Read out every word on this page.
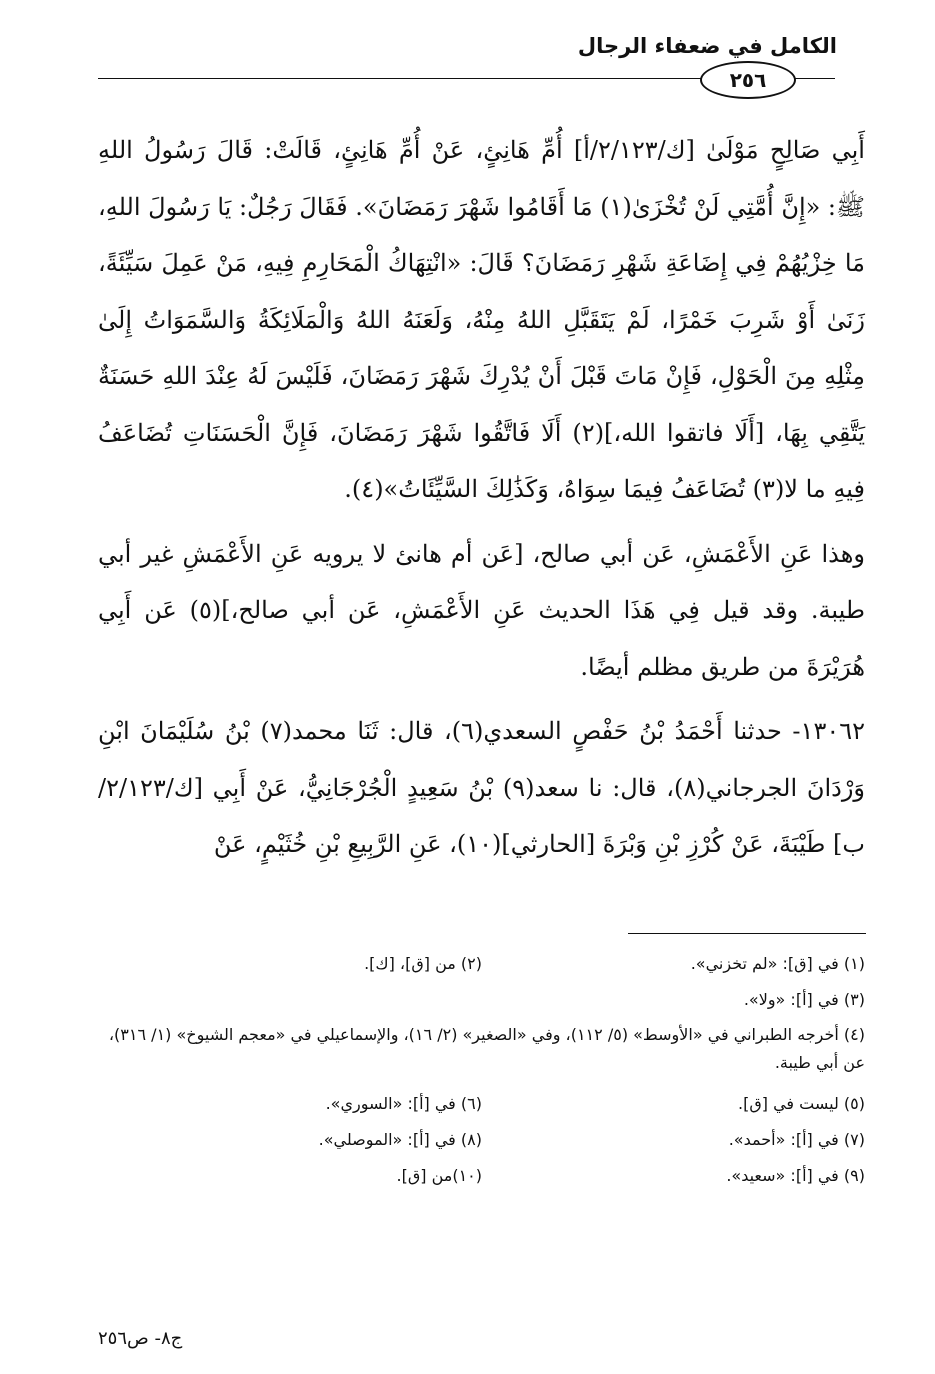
الكامل في ضعفاء الرجال
٢٥٦

أَبِي صَالِحٍ مَوْلَىٰ [ك/٢/١٢٣/أ] أُمِّ هَانِئٍ، عَنْ أُمِّ هَانِئٍ، قَالَتْ: قَالَ رَسُولُ اللهِ ﷺ: «إِنَّ أُمَّتِي لَنْ تُخْزَىٰ(١) مَا أَقَامُوا شَهْرَ رَمَضَانَ». فَقَالَ رَجُلٌ: يَا رَسُولَ اللهِ، مَا خِزْيُهُمْ فِي إِضَاعَةِ شَهْرِ رَمَضَانَ؟ قَالَ: «انْتِهَاكُ الْمَحَارِمِ فِيهِ، مَنْ عَمِلَ سَيِّئَةً، زَنَىٰ أَوْ شَرِبَ خَمْرًا، لَمْ يَتَقَبَّلِ اللهُ مِنْهُ، وَلَعَنَهُ اللهُ وَالْمَلَائِكَةُ وَالسَّمَوَاتُ إِلَىٰ مِثْلِهِ مِنَ الْحَوْلِ، فَإِنْ مَاتَ قَبْلَ أَنْ يُدْرِكَ شَهْرَ رَمَضَانَ، فَلَيْسَ لَهُ عِنْدَ اللهِ حَسَنَةٌ يَتَّقِي بِهَا، [أَلَا فاتقوا الله،](٢) أَلَا فَاتَّقُوا شَهْرَ رَمَضَانَ، فَإِنَّ الْحَسَنَاتِ تُضَاعَفُ فِيهِ ما لا(٣) تُضَاعَفُ فِيمَا سِوَاهُ، وَكَذَٰلِكَ السَّيِّئَاتُ»(٤).

وهذا عَنِ الأَعْمَشِ، عَن أبي صالح، [عَن أم هانئ لا يرويه عَنِ الأَعْمَشِ غير أبي طيبة. وقد قيل فِي هَذَا الحديث عَنِ الأَعْمَشِ، عَن أبي صالح،](٥) عَن أَبِي هُرَيْرَةَ من طريق مظلم أيضًا.

١٣٠٦٢- حدثنا أَحْمَدُ بْنُ حَفْصٍ السعدي(٦)، قال: ثَنَا محمد(٧) بْنُ سُلَيْمَانَ ابْنِ وَرْدَانَ الجرجاني(٨)، قال: نا سعد(٩) بْنُ سَعِيدٍ الْجُرْجَانِيُّ، عَنْ أَبِي [ك/٢/١٢٣/ب] طَيْبَةَ، عَنْ كُرْزِ بْنِ وَبْرَةَ [الحارثي](١٠)، عَنِ الرَّبِيعِ بْنِ خُثَيْمٍ، عَنْ

(١) في [ق]: «لم تخزني».
(٢) من [ق]، [ك].
(٣) في [أ]: «ولا».
(٤) أخرجه الطبراني في «الأوسط» (٥/ ١١٢)، وفي «الصغير» (٢/ ١٦)، والإسماعيلي في «معجم الشيوخ» (١/ ٣١٦)، عن أبي طيبة.
(٥) ليست في [ق].
(٦) في [أ]: «السوري».
(٧) في [أ]: «أحمد».
(٨) في [أ]: «الموصلي».
(٩) في [أ]: «سعيد».
(١٠)من [ق].
ج٨- ص٢٥٦
